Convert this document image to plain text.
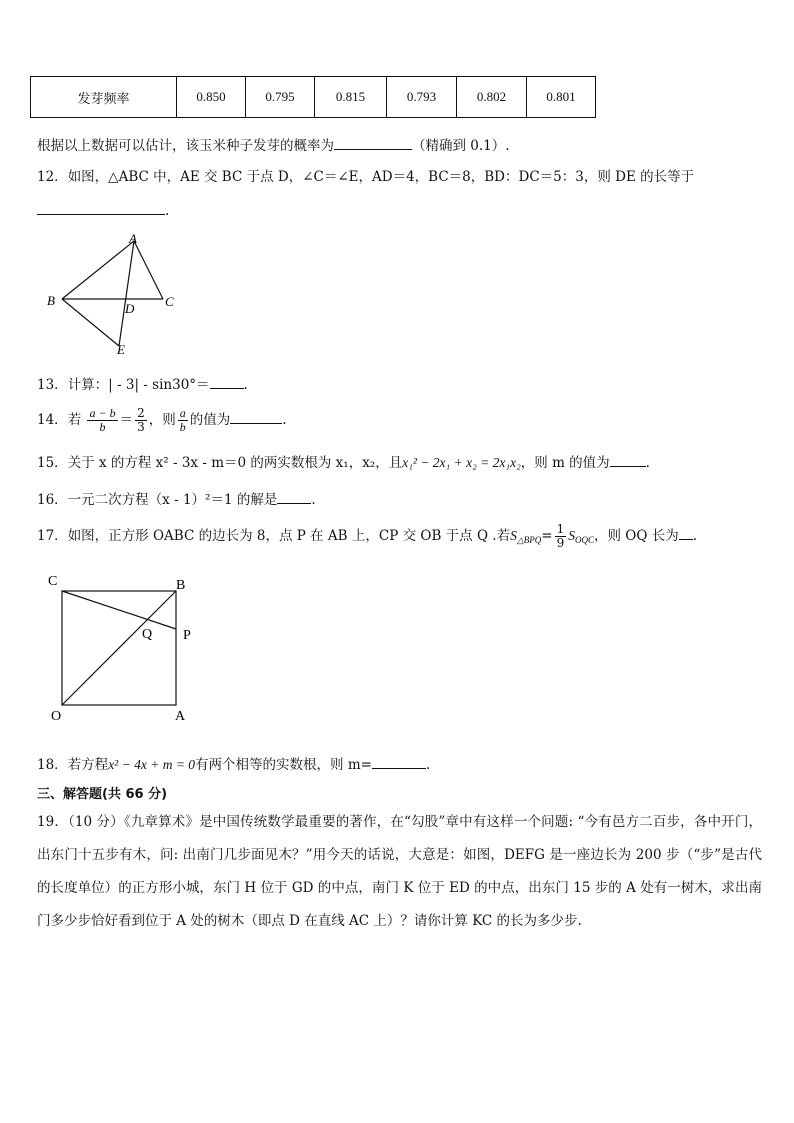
发芽频率	0.850	0.795	0.815	0.793	0.802	0.801
根据以上数据可以估计，该玉米种子发芽的概率为	（精确到 0.1）.
12．如图，△ABC 中，AE 交 BC 于点 D，∠C＝∠E，AD＝4，BC＝8，BD：DC＝5：3，则 DE 的长等于
.
A
B	C
D
E
13．计算：| - 3| - sin30°＝	.
14．若 $\frac{a - b}{b} = \frac{2}{3}$ ，则 $\frac{a}{b}$ 的值为	.
15．关于 x 的方程 x² - 3x - m＝0 的两实数根为 x₁，x₂，且x₁² − 2x₁ + x₂ = 2x₁x₂，则 m 的值为	.
16．一元二次方程（x - 1）²＝1 的解是	.
17．如图，正方形 OABC 的边长为 8，点 P 在 AB 上，CP 交 OB 于点 Q .若$S_{\triangle BPQ}= \frac{1}{9} S_{OQC}$，则 OQ 长为 .
C	B
Q P
O	A
18．若方程x² − 4x + m = 0有两个相等的实数根，则 m=	.
三、解答题(共 66 分)
19．（10 分）《九章算术》是中国传统数学最重要的著作，在“勾股”章中有这样一个问题: “今有邑方二百步，各中开门，出东门十五步有木，问: 出南门几步面见木？”用今天的话说，大意是：如图，DEFG 是一座边长为 200 步（“步”是古代的长度单位）的正方形小城，东门 H 位于 GD 的中点，南门 K 位于 ED 的中点，出东门 15 步的 A 处有一树木，求出南门多少步恰好看到位于 A 处的树木（即点 D 在直线 AC 上）？请你计算 KC 的长为多少步.
